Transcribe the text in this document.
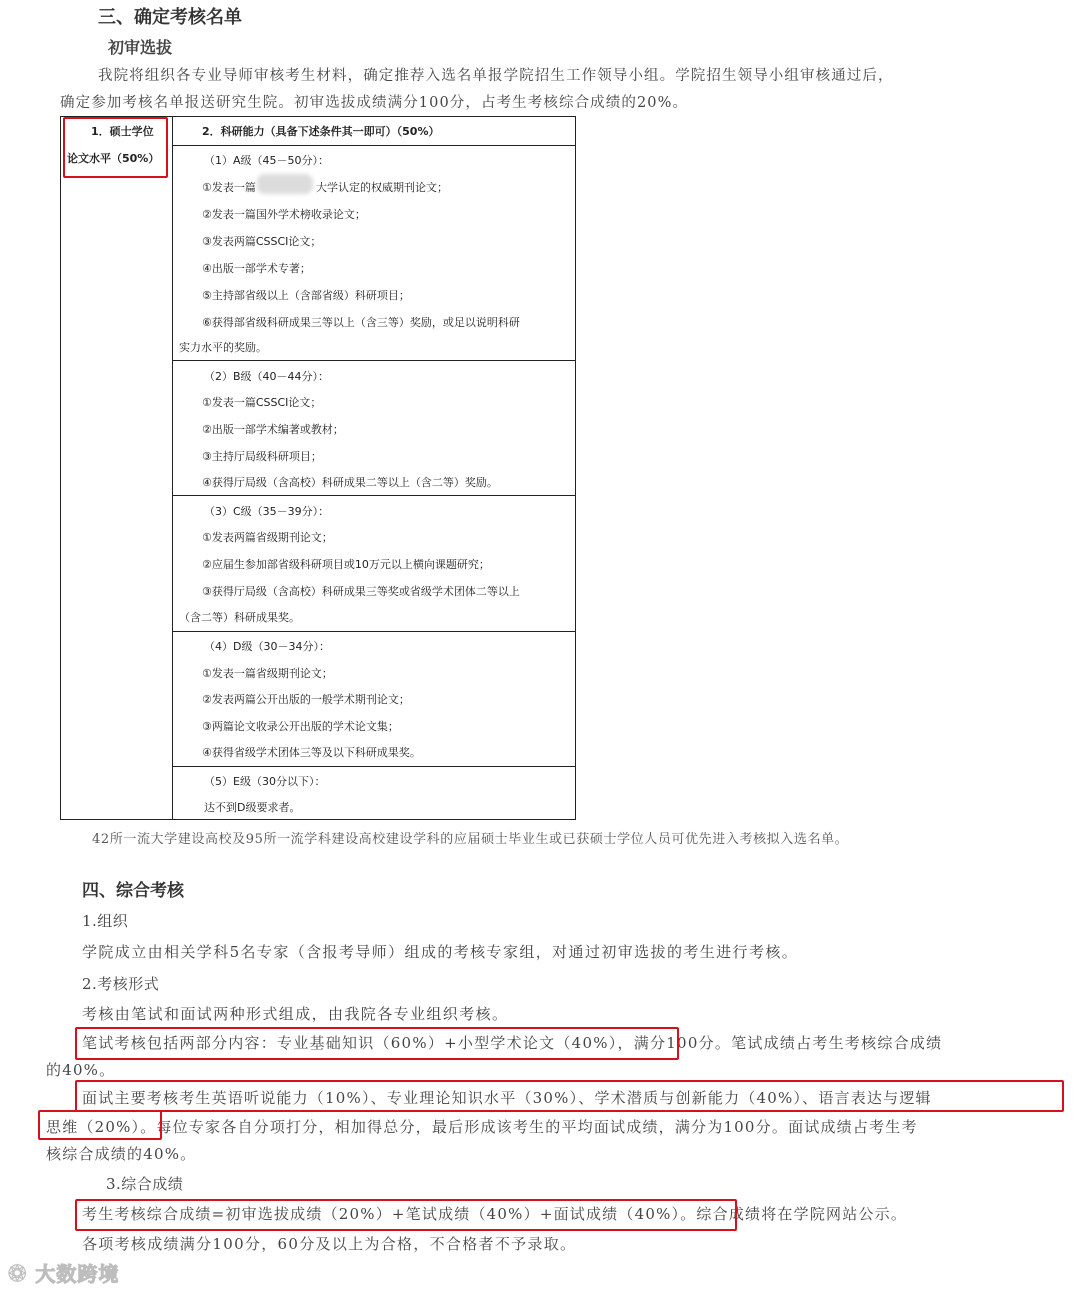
三、确定考核名单
初审选拔
我院将组织各专业导师审核考生材料，确定推荐入选名单报学院招生工作领导小组。学院招生领导小组审核通过后，
确定参加考核名单报送研究生院。初审选拔成绩满分100分，占考生考核综合成绩的20%。
1．硕士学位
论文水平（50%）
2．科研能力（具备下述条件其一即可）（50%）
（1）A级（45－50分）：
①发表一篇	大学认定的权威期刊论文；
②发表一篇国外学术榜收录论文；
③发表两篇CSSCI论文；
④出版一部学术专著；
⑤主持部省级以上（含部省级）科研项目；
⑥获得部省级科研成果三等以上（含三等）奖励，或足以说明科研
实力水平的奖励。
（2）B级（40－44分）：
①发表一篇CSSCI论文；
②出版一部学术编著或教材；
③主持厅局级科研项目；
④获得厅局级（含高校）科研成果二等以上（含二等）奖励。
（3）C级（35－39分）：
①发表两篇省级期刊论文；
②应届生参加部省级科研项目或10万元以上横向课题研究；
③获得厅局级（含高校）科研成果三等奖或省级学术团体二等以上
（含二等）科研成果奖。
（4）D级（30－34分）：
①发表一篇省级期刊论文；
②发表两篇公开出版的一般学术期刊论文；
③两篇论文收录公开出版的学术论文集；
④获得省级学术团体三等及以下科研成果奖。
（5）E级（30分以下）：
达不到D级要求者。
42所一流大学建设高校及95所一流学科建设高校建设学科的应届硕士毕业生或已获硕士学位人员可优先进入考核拟入选名单。
四、综合考核
1.组织
学院成立由相关学科5名专家（含报考导师）组成的考核专家组，对通过初审选拔的考生进行考核。
2.考核形式
考核由笔试和面试两种形式组成，由我院各专业组织考核。
笔试考核包括两部分内容：专业基础知识（60%）+小型学术论文（40%），满分100分。笔试成绩占考生考核综合成绩
的40%。
面试主要考核考生英语听说能力（10%）、专业理论知识水平（30%）、学术潜质与创新能力（40%）、语言表达与逻辑
思维（20%）。每位专家各自分项打分，相加得总分，最后形成该考生的平均面试成绩，满分为100分。面试成绩占考生考
核综合成绩的40%。
3.综合成绩
考生考核综合成绩=初审选拔成绩（20%）+笔试成绩（40%）+面试成绩（40%）。综合成绩将在学院网站公示。
各项考核成绩满分100分，60分及以上为合格，不合格者不予录取。
❂ 大数跨境
